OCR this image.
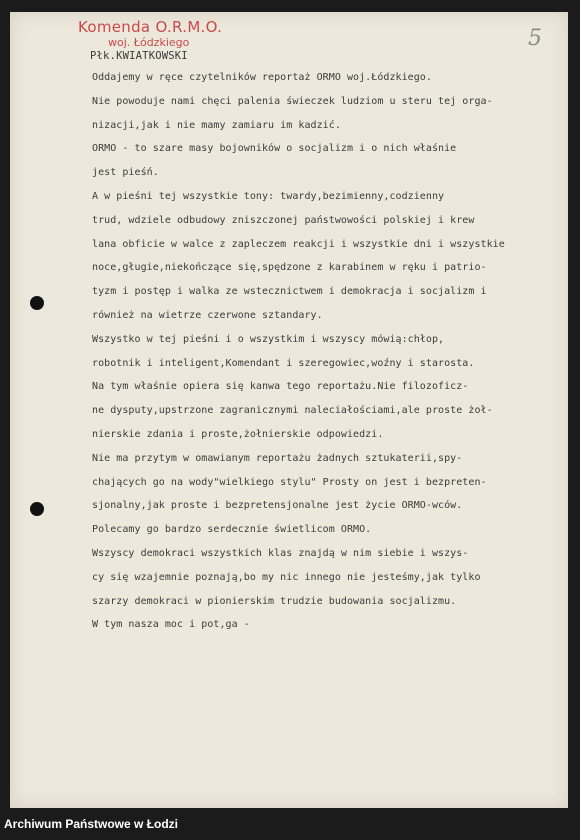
Komenda O.R.M.O.
woj. Łódzkiego
Płk.KWIATKOWSKI
5
Oddajemy w ręce czytelników reportaż ORMO woj.Łódzkiego.
Nie powoduje nami chęci palenia świeczek ludziom u steru tej orga-
nizacji,jak i nie mamy zamiaru im kadzić.
ORMO - to szare masy bojowników o socjalizm i o nich właśnie
jest pieśń.
A w pieśni tej wszystkie tony: twardy,bezimienny,codzienny
trud, wdziele odbudowy zniszczonej państwowości polskiej i krew
lana obficie w walce z zapleczem reakcji i wszystkie dni i wszystkie
noce,gługie,niekończące się,spędzone z karabinem w ręku i patrio-
tyzm i postęp i walka ze wstecznictwem i demokracja i socjalizm i
również na wietrze czerwone sztandary.
Wszystko w tej pieśni i o wszystkim i wszyscy mówią:chłop,
robotnik i inteligent,Komendant i szeregowiec,woźny i starosta.
Na tym właśnie opiera się kanwa tego reportażu.Nie filozoficz-
ne dysputy,upstrzone zagranicznymi naleciałościami,ale proste żoł-
nierskie zdania i proste,żołnierskie odpowiedzi.
Nie ma przytym w omawianym reportażu żadnych sztukaterii,spy-
chających go na wody"wielkiego stylu" Prosty on jest i bezpreten-
sjonalny,jak proste i bezpretensjonalne jest życie ORMO-wców.
Polecamy go bardzo serdecznie świetlicom ORMO.
Wszyscy demokraci wszystkich klas znajdą w nim siebie i wszys-
cy się wzajemnie poznają,bo my nic innego nie jesteśmy,jak tylko
szarzy demokraci w pionierskim trudzie budowania socjalizmu.
W tym nasza moc i pot,ga -
Archiwum Państwowe w Łodzi
